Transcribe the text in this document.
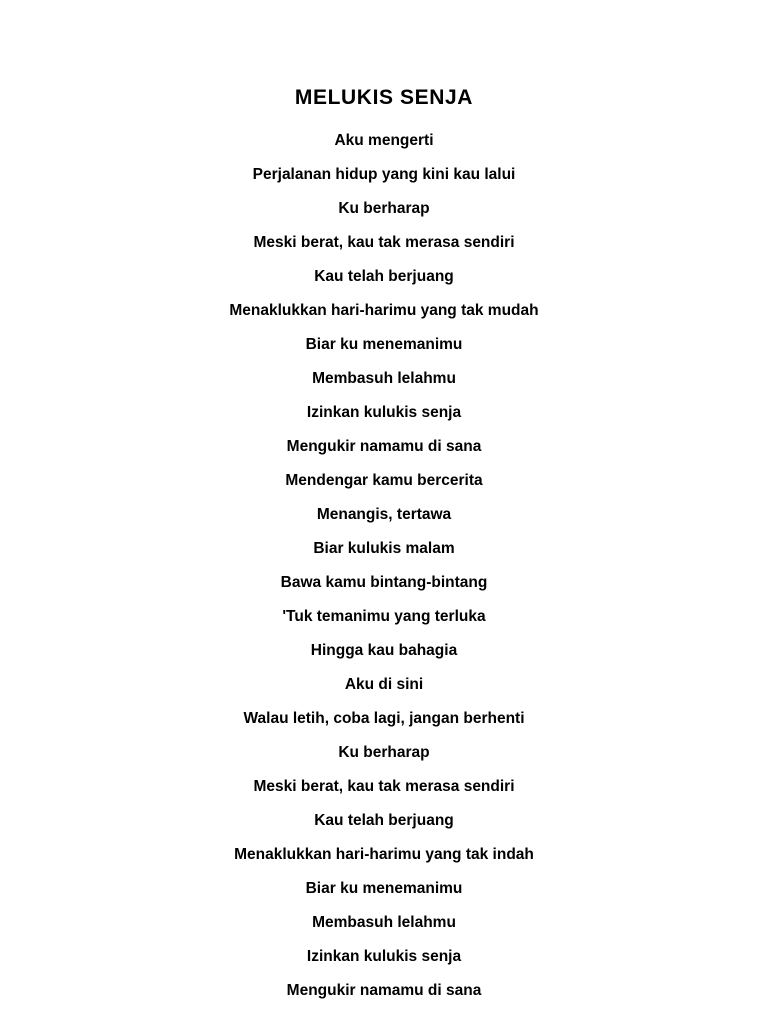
MELUKIS SENJA

Aku mengerti

Perjalanan hidup yang kini kau lalui

Ku berharap

Meski berat, kau tak merasa sendiri

Kau telah berjuang

Menaklukkan hari-harimu yang tak mudah

Biar ku menemanimu

Membasuh lelahmu

Izinkan kulukis senja

Mengukir namamu di sana

Mendengar kamu bercerita

Menangis, tertawa

Biar kulukis malam

Bawa kamu bintang-bintang

'Tuk temanimu yang terluka

Hingga kau bahagia

Aku di sini

Walau letih, coba lagi, jangan berhenti

Ku berharap

Meski berat, kau tak merasa sendiri

Kau telah berjuang

Menaklukkan hari-harimu yang tak indah

Biar ku menemanimu

Membasuh lelahmu

Izinkan kulukis senja

Mengukir namamu di sana
